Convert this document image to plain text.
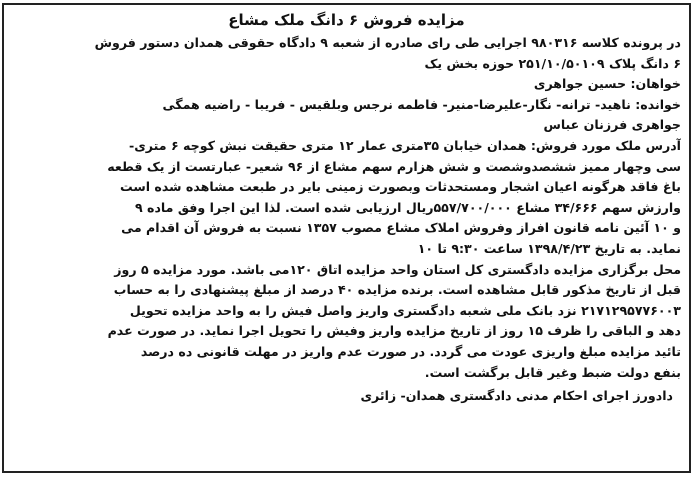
مزایده فروش ۶ دانگ ملک مشاع
در پرونده کلاسه ۹۸۰۳۱۶ اجرایی طی رای صادره از شعبه ۹ دادگاه حقوقی همدان دستور فروش
۶ دانگ پلاک ۲۵۱/۱۰/۵۰۱۰۹ حوزه بخش یک
خواهان: حسین جواهری
خوانده: ناهید- ترانه- نگار-علیرضا-منیر- فاطمه نرجس وبلقیس - فریبا - راضیه همگی
جواهری فرزنان عباس
آدرس ملک مورد فروش: همدان خیابان ۳۵متری عمار ۱۲ متری حقیقت نبش کوچه ۶ متری-
سی وچهار ممیز ششصدوشصت و شش هزارم سهم مشاع از ۹۶ شعیر- عبارتست از یک قطعه
باغ فاقد هرگونه اعیان اشجار ومستحدثات وبصورت زمینی بایر در طبعت مشاهده شده است
وارزش سهم ۳۴/۶۶۶ مشاع ۵۵۷/۷۰۰/۰۰۰ریال ارزیابی شده است. لذا این اجرا وفق ماده ۹
و ۱۰ آئین نامه قانون افراز وفروش املاک مشاع مصوب ۱۳۵۷ نسبت به فروش آن اقدام می
نماید. به تاریخ ۱۳۹۸/۴/۲۳ ساعت ۹:۳۰ تا ۱۰
محل برگزاری مزایده دادگستری کل استان واحد مزایده اتاق ۱۲۰می باشد. مورد مزایده ۵ روز
قبل از تاریخ مذکور قابل مشاهده است. برنده مزایده ۴۰ درصد از مبلغ پیشنهادی را به حساب
۲۱۷۱۲۹۵۷۷۶۰۰۳ نزد بانک ملی شعبه دادگستری واریز واصل فیش را به واحد مزایده تحویل
دهد و الباقی را ظرف ۱۵ روز از تاریخ مزایده واریز وفیش را تحویل اجرا نماید. در صورت عدم
تائید مزایده مبلغ واریزی عودت می گردد. در صورت عدم واریز در مهلت قانونی ده درصد
بنفع دولت ضبط وغیر قابل برگشت است.
دادورز اجرای احکام مدنی دادگستری همدان- زائری
